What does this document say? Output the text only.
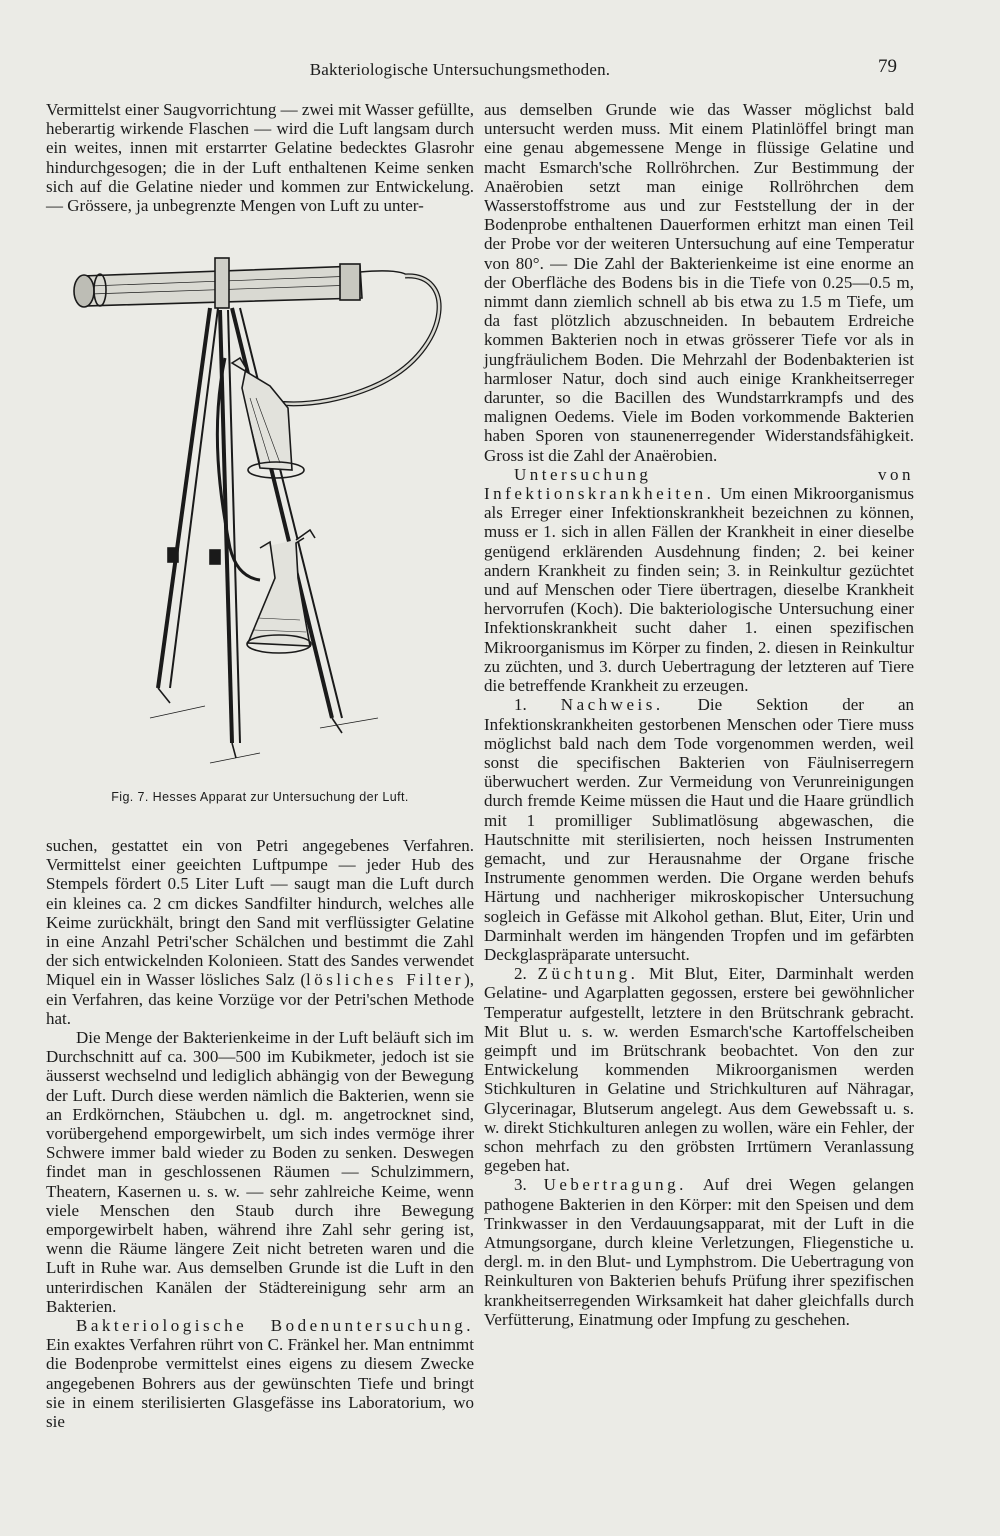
Bakteriologische Untersuchungsmethoden.	79

Vermittelst einer Saugvorrichtung — zwei mit Wasser gefüllte, heberartig wirkende Flaschen — wird die Luft langsam durch ein weites, innen mit erstarrter Gelatine bedecktes Glasrohr hindurchgesogen; die in der Luft enthaltenen Keime senken sich auf die Gelatine nieder und kommen zur Entwickelung. — Grössere, ja unbegrenzte Mengen von Luft zu unter-

Fig. 7. Hesses Apparat zur Untersuchung der Luft.

suchen, gestattet ein von Petri angegebenes Verfahren. Vermittelst einer geeichten Luftpumpe — jeder Hub des Stempels fördert 0.5 Liter Luft — saugt man die Luft durch ein kleines ca. 2 cm dickes Sandfilter hindurch, welches alle Keime zurückhält, bringt den Sand mit verflüssigter Gelatine in eine Anzahl Petri'scher Schälchen und bestimmt die Zahl der sich entwickelnden Kolonieen. Statt des Sandes verwendet Miquel ein in Wasser lösliches Salz (lösliches Filter), ein Verfahren, das keine Vorzüge vor der Petri'schen Methode hat.

Die Menge der Bakterienkeime in der Luft beläuft sich im Durchschnitt auf ca. 300—500 im Kubikmeter, jedoch ist sie äusserst wechselnd und lediglich abhängig von der Bewegung der Luft. Durch diese werden nämlich die Bakterien, wenn sie an Erdkörnchen, Stäubchen u. dgl. m. angetrocknet sind, vorübergehend emporgewirbelt, um sich indes vermöge ihrer Schwere immer bald wieder zu Boden zu senken. Deswegen findet man in geschlossenen Räumen — Schulzimmern, Theatern, Kasernen u. s. w. — sehr zahlreiche Keime, wenn viele Menschen den Staub durch ihre Bewegung emporgewirbelt haben, während ihre Zahl sehr gering ist, wenn die Räume längere Zeit nicht betreten waren und die Luft in Ruhe war. Aus demselben Grunde ist die Luft in den unterirdischen Kanälen der Städtereinigung sehr arm an Bakterien.

Bakteriologische Bodenuntersuchung. Ein exaktes Verfahren rührt von C. Fränkel her. Man entnimmt die Bodenprobe vermittelst eines eigens zu diesem Zwecke angegebenen Bohrers aus der gewünschten Tiefe und bringt sie in einem sterilisierten Glasgefässe ins Laboratorium, wo sie

aus demselben Grunde wie das Wasser möglichst bald untersucht werden muss. Mit einem Platinlöffel bringt man eine genau abgemessene Menge in flüssige Gelatine und macht Esmarch'sche Rollröhrchen. Zur Bestimmung der Anaërobien setzt man einige Rollröhrchen dem Wasserstoffstrome aus und zur Feststellung der in der Bodenprobe enthaltenen Dauerformen erhitzt man einen Teil der Probe vor der weiteren Untersuchung auf eine Temperatur von 80°. — Die Zahl der Bakterienkeime ist eine enorme an der Oberfläche des Bodens bis in die Tiefe von 0.25—0.5 m, nimmt dann ziemlich schnell ab bis etwa zu 1.5 m Tiefe, um da fast plötzlich abzuschneiden. In bebautem Erdreiche kommen Bakterien noch in etwas grösserer Tiefe vor als in jungfräulichem Boden. Die Mehrzahl der Bodenbakterien ist harmloser Natur, doch sind auch einige Krankheitserreger darunter, so die Bacillen des Wundstarrkrampfs und des malignen Oedems. Viele im Boden vorkommende Bakterien haben Sporen von staunenerregender Widerstandsfähigkeit. Gross ist die Zahl der Anaërobien.

Untersuchung von Infektionskrankheiten. Um einen Mikroorganismus als Erreger einer Infektionskrankheit bezeichnen zu können, muss er 1. sich in allen Fällen der Krankheit in einer dieselbe genügend erklärenden Ausdehnung finden; 2. bei keiner andern Krankheit zu finden sein; 3. in Reinkultur gezüchtet und auf Menschen oder Tiere übertragen, dieselbe Krankheit hervorrufen (Koch). Die bakteriologische Untersuchung einer Infektionskrankheit sucht daher 1. einen spezifischen Mikroorganismus im Körper zu finden, 2. diesen in Reinkultur zu züchten, und 3. durch Uebertragung der letzteren auf Tiere die betreffende Krankheit zu erzeugen.

1. Nachweis. Die Sektion der an Infektionskrankheiten gestorbenen Menschen oder Tiere muss möglichst bald nach dem Tode vorgenommen werden, weil sonst die specifischen Bakterien von Fäulniserregern überwuchert werden. Zur Vermeidung von Verunreinigungen durch fremde Keime müssen die Haut und die Haare gründlich mit 1 promilliger Sublimatlösung abgewaschen, die Hautschnitte mit sterilisierten, noch heissen Instrumenten gemacht, und zur Herausnahme der Organe frische Instrumente genommen werden. Die Organe werden behufs Härtung und nachheriger mikroskopischer Untersuchung sogleich in Gefässe mit Alkohol gethan. Blut, Eiter, Urin und Darminhalt werden im hängenden Tropfen und im gefärbten Deckglaspräparate untersucht.

2. Züchtung. Mit Blut, Eiter, Darminhalt werden Gelatine- und Agarplatten gegossen, erstere bei gewöhnlicher Temperatur aufgestellt, letztere in den Brütschrank gebracht. Mit Blut u. s. w. werden Esmarch'sche Kartoffelscheiben geimpft und im Brütschrank beobachtet. Von den zur Entwickelung kommenden Mikroorganismen werden Stichkulturen in Gelatine und Strichkulturen auf Nähragar, Glycerinagar, Blutserum angelegt. Aus dem Gewebssaft u. s. w. direkt Stichkulturen anlegen zu wollen, wäre ein Fehler, der schon mehrfach zu den gröbsten Irrtümern Veranlassung gegeben hat.

3. Uebertragung. Auf drei Wegen gelangen pathogene Bakterien in den Körper: mit den Speisen und dem Trinkwasser in den Verdauungsapparat, mit der Luft in die Atmungsorgane, durch kleine Verletzungen, Fliegenstiche u. dergl. m. in den Blut- und Lymphstrom. Die Uebertragung von Reinkulturen von Bakterien behufs Prüfung ihrer spezifischen krankheitserregenden Wirksamkeit hat daher gleichfalls durch Verfütterung, Einatmung oder Impfung zu geschehen.
